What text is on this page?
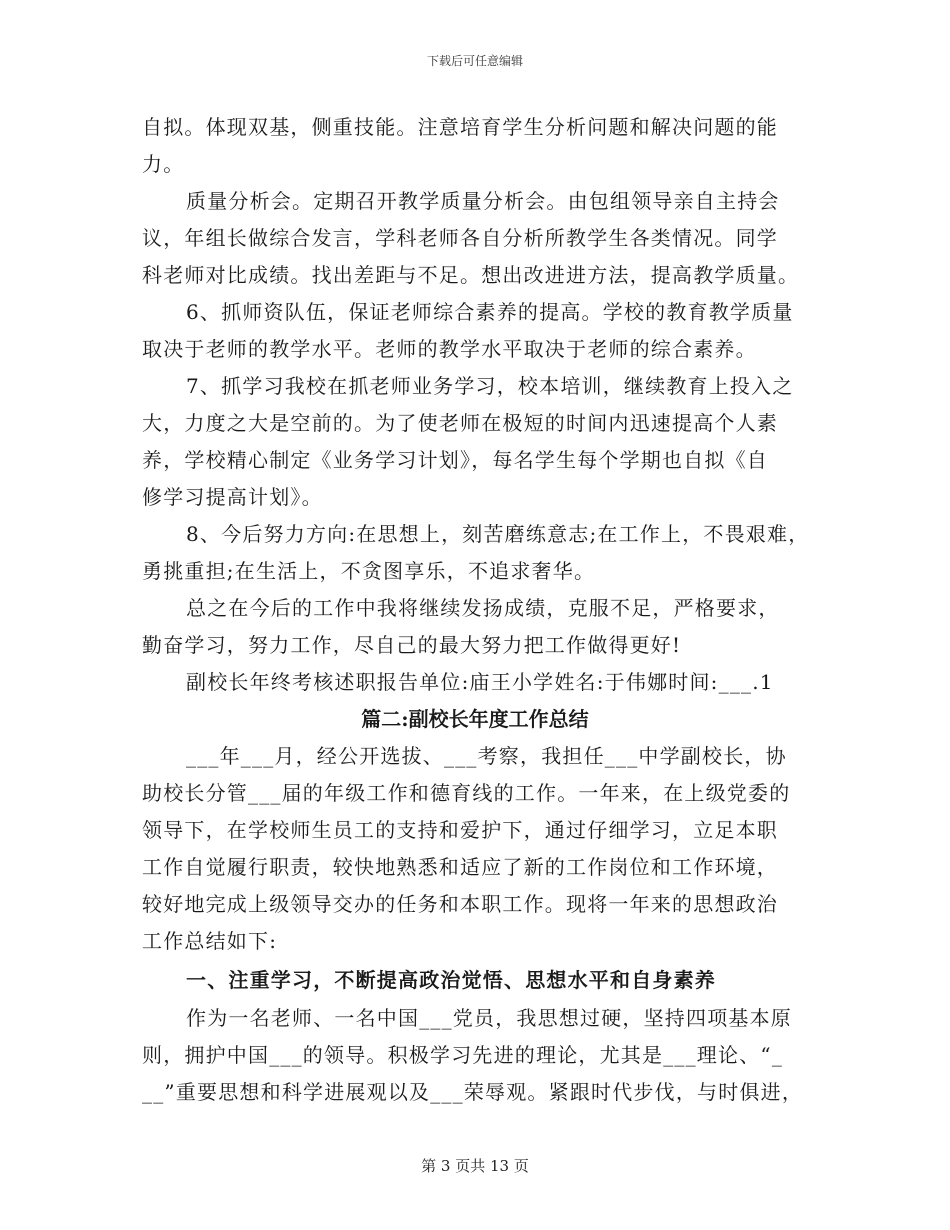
下载后可任意编辑
自拟。体现双基，侧重技能。注意培育学生分析问题和解决问题的能
力。
质量分析会。定期召开教学质量分析会。由包组领导亲自主持会
议，年组长做综合发言，学科老师各自分析所教学生各类情况。同学
科老师对比成绩。找出差距与不足。想出改进进方法，提高教学质量。
6、抓师资队伍，保证老师综合素养的提高。学校的教育教学质量
取决于老师的教学水平。老师的教学水平取决于老师的综合素养。
7、抓学习我校在抓老师业务学习，校本培训，继续教育上投入之
大，力度之大是空前的。为了使老师在极短的时间内迅速提高个人素
养，学校精心制定《业务学习计划》，每名学生每个学期也自拟《自
修学习提高计划》。
8、今后努力方向:在思想上，刻苦磨练意志;在工作上，不畏艰难，
勇挑重担;在生活上，不贪图享乐，不追求奢华。
总之在今后的工作中我将继续发扬成绩，克服不足，严格要求，
勤奋学习，努力工作，尽自己的最大努力把工作做得更好!
副校长年终考核述职报告单位:庙王小学姓名:于伟娜时间:___.1
篇二:副校长年度工作总结
___年___月，经公开选拔、___考察，我担任___中学副校长，协
助校长分管___届的年级工作和德育线的工作。一年来，在上级党委的
领导下，在学校师生员工的支持和爱护下，通过仔细学习，立足本职
工作自觉履行职责，较快地熟悉和适应了新的工作岗位和工作环境，
较好地完成上级领导交办的任务和本职工作。现将一年来的思想政治
工作总结如下:
一、注重学习，不断提高政治觉悟、思想水平和自身素养
作为一名老师、一名中国___党员，我思想过硬，坚持四项基本原
则，拥护中国___的领导。积极学习先进的理论，尤其是___理论、“_
__”重要思想和科学进展观以及___荣辱观。紧跟时代步伐，与时俱进，
第 3 页共 13 页
